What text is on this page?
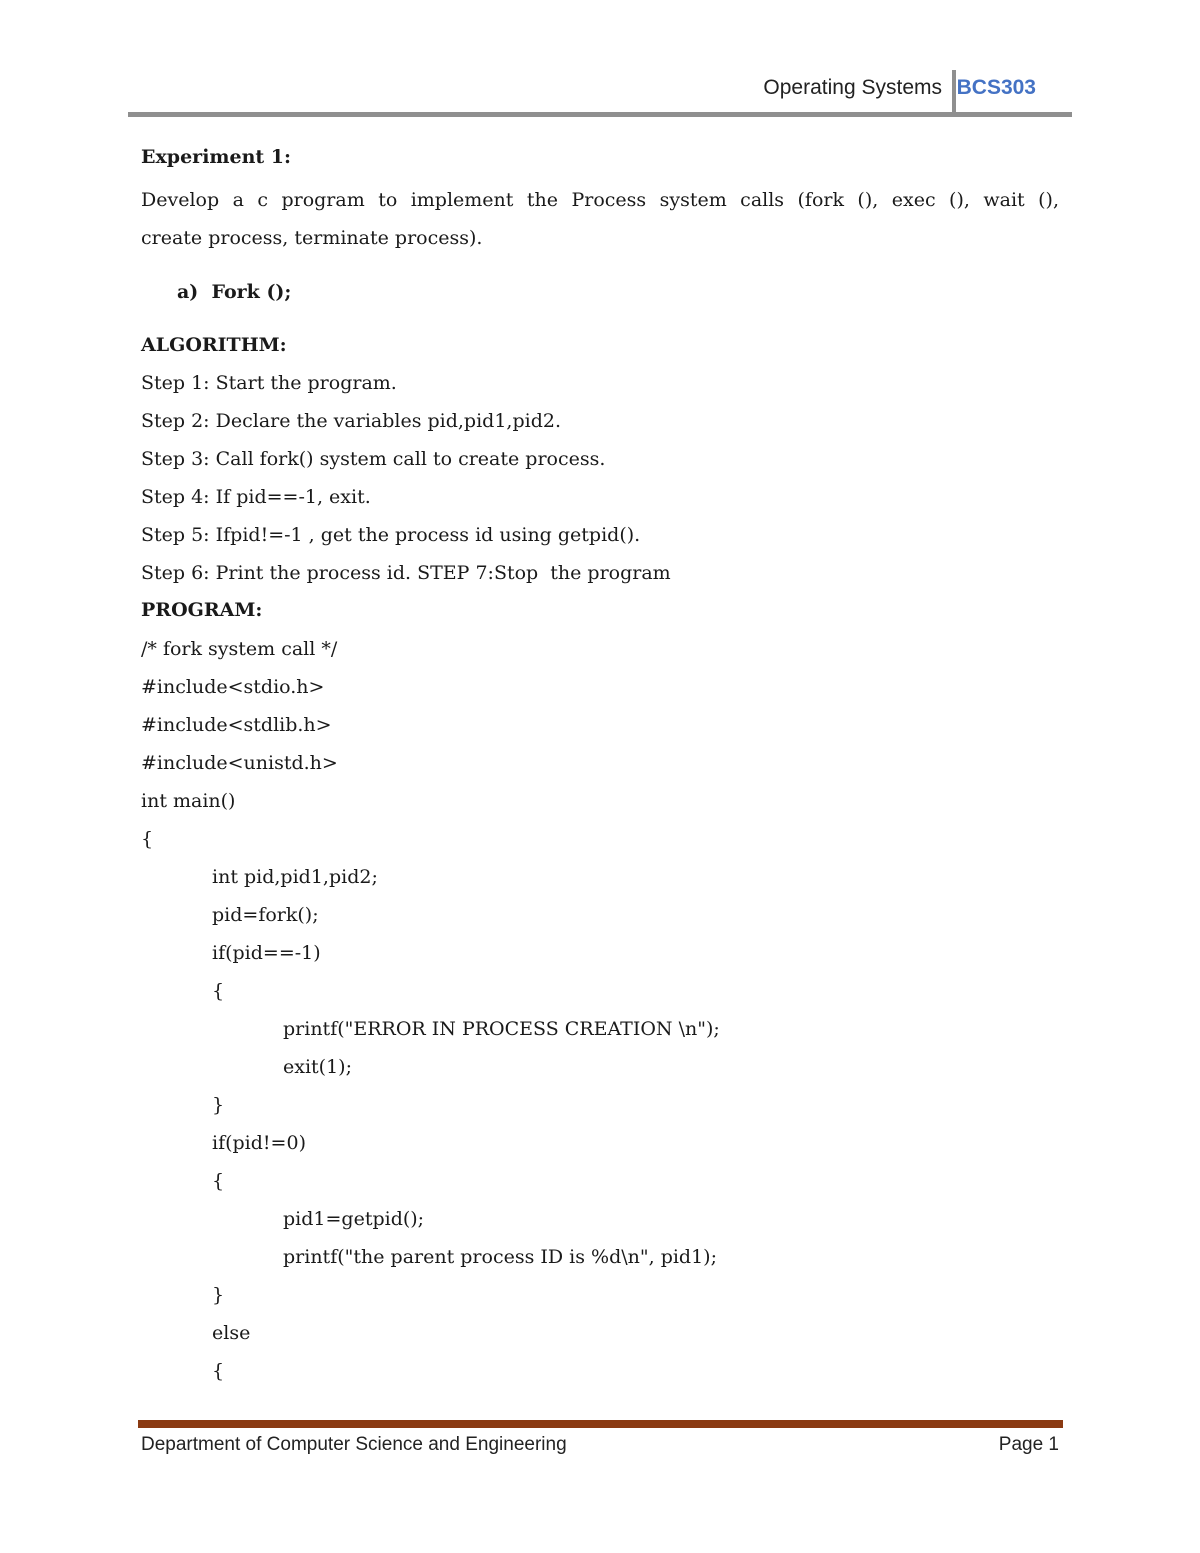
Operating Systems BCS303
Experiment 1:
Develop a c program to implement the Process system calls (fork (), exec (), wait (),
create process, terminate process).
a)  Fork ();
ALGORITHM:
Step 1: Start the program.
Step 2: Declare the variables pid,pid1,pid2.
Step 3: Call fork() system call to create process.
Step 4: If pid==-1, exit.
Step 5: Ifpid!=-1 , get the process id using getpid().
Step 6: Print the process id. STEP 7:Stop  the program
PROGRAM:
/* fork system call */
#include<stdio.h>
#include<stdlib.h>
#include<unistd.h>
int main()
{
int pid,pid1,pid2;
pid=fork();
if(pid==-1)
{
printf("ERROR IN PROCESS CREATION \n");
exit(1);
}
if(pid!=0)
{
pid1=getpid();
printf("the parent process ID is %d\n", pid1);
}
else
{
Department of Computer Science and Engineering	Page 1
